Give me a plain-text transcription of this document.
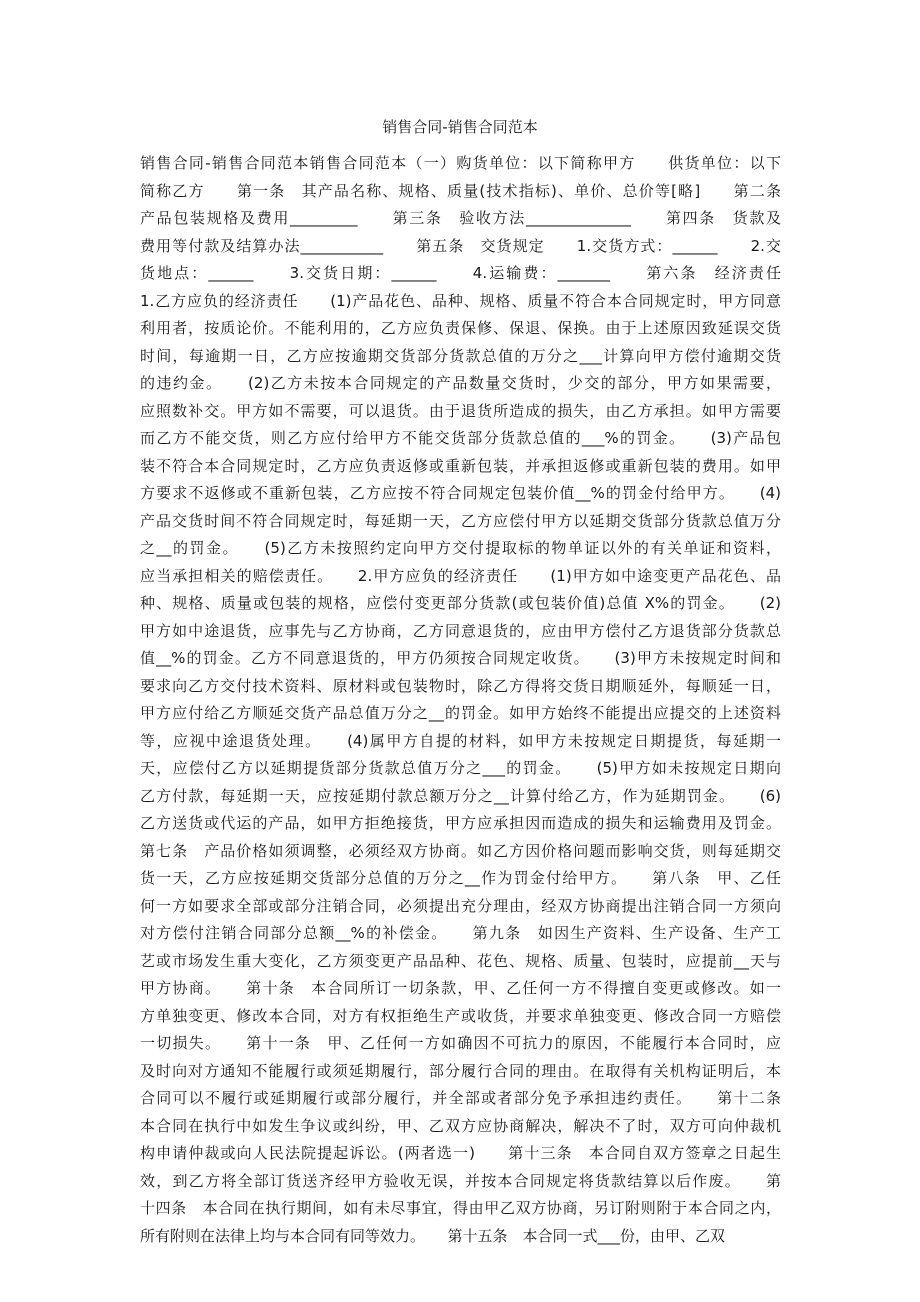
销售合同-销售合同范本
销售合同-销售合同范本销售合同范本（一）购货单位：以下简称甲方　　供货单位：以下
简称乙方　　第一条　其产品名称、规格、质量(技术指标)、单价、总价等[略]　　第二条
产品包装规格及费用_________　　第三条　验收方法______________　　第四条　货款及
费用等付款及结算办法___________　　第五条　交货规定　　1.交货方式：______　　2.交
货地点：______　　3.交货日期：______　　4.运输费：_______　　第六条　经济责任
1.乙方应负的经济责任　　(1)产品花色、品种、规格、质量不符合本合同规定时，甲方同意
利用者，按质论价。不能利用的，乙方应负责保修、保退、保换。由于上述原因致延误交货
时间，每逾期一日，乙方应按逾期交货部分货款总值的万分之___计算向甲方偿付逾期交货
的违约金。　　(2)乙方未按本合同规定的产品数量交货时，少交的部分，甲方如果需要，
应照数补交。甲方如不需要，可以退货。由于退货所造成的损失，由乙方承担。如甲方需要
而乙方不能交货，则乙方应付给甲方不能交货部分货款总值的___%的罚金。　　(3)产品包
装不符合本合同规定时，乙方应负责返修或重新包装，并承担返修或重新包装的费用。如甲
方要求不返修或不重新包装，乙方应按不符合同规定包装价值__%的罚金付给甲方。　　(4)
产品交货时间不符合同规定时，每延期一天，乙方应偿付甲方以延期交货部分货款总值万分
之__的罚金。　　(5)乙方未按照约定向甲方交付提取标的物单证以外的有关单证和资料，
应当承担相关的赔偿责任。　　2.甲方应负的经济责任　　(1)甲方如中途变更产品花色、品
种、规格、质量或包装的规格，应偿付变更部分货款(或包装价值)总值 X%的罚金。　　(2)
甲方如中途退货，应事先与乙方协商，乙方同意退货的，应由甲方偿付乙方退货部分货款总
值__%的罚金。乙方不同意退货的，甲方仍须按合同规定收货。　　(3)甲方未按规定时间和
要求向乙方交付技术资料、原材料或包装物时，除乙方得将交货日期顺延外，每顺延一日，
甲方应付给乙方顺延交货产品总值万分之__的罚金。如甲方始终不能提出应提交的上述资料
等，应视中途退货处理。　　(4)属甲方自提的材料，如甲方未按规定日期提货，每延期一
天，应偿付乙方以延期提货部分货款总值万分之___的罚金。　　(5)甲方如未按规定日期向
乙方付款，每延期一天，应按延期付款总额万分之__计算付给乙方，作为延期罚金。　　(6)
乙方送货或代运的产品，如甲方拒绝接货，甲方应承担因而造成的损失和运输费用及罚金。
第七条　产品价格如须调整，必须经双方协商。如乙方因价格问题而影响交货，则每延期交
货一天，乙方应按延期交货部分总值的万分之__作为罚金付给甲方。　　第八条　甲、乙任
何一方如要求全部或部分注销合同，必须提出充分理由，经双方协商提出注销合同一方须向
对方偿付注销合同部分总额__%的补偿金。　　第九条　如因生产资料、生产设备、生产工
艺或市场发生重大变化，乙方须变更产品品种、花色、规格、质量、包装时，应提前__天与
甲方协商。　　第十条　本合同所订一切条款，甲、乙任何一方不得擅自变更或修改。如一
方单独变更、修改本合同，对方有权拒绝生产或收货，并要求单独变更、修改合同一方赔偿
一切损失。　　第十一条　甲、乙任何一方如确因不可抗力的原因，不能履行本合同时，应
及时向对方通知不能履行或须延期履行，部分履行合同的理由。在取得有关机构证明后，本
合同可以不履行或延期履行或部分履行，并全部或者部分免予承担违约责任。　　第十二条
本合同在执行中如发生争议或纠纷，甲、乙双方应协商解决，解决不了时，双方可向仲裁机
构申请仲裁或向人民法院提起诉讼。(两者选一)　　第十三条　本合同自双方签章之日起生
效，到乙方将全部订货送齐经甲方验收无误，并按本合同规定将货款结算以后作废。　　第
十四条　本合同在执行期间，如有未尽事宜，得由甲乙双方协商，另订附则附于本合同之内，
所有附则在法律上均与本合同有同等效力。　　第十五条　本合同一式___份，由甲、乙双
